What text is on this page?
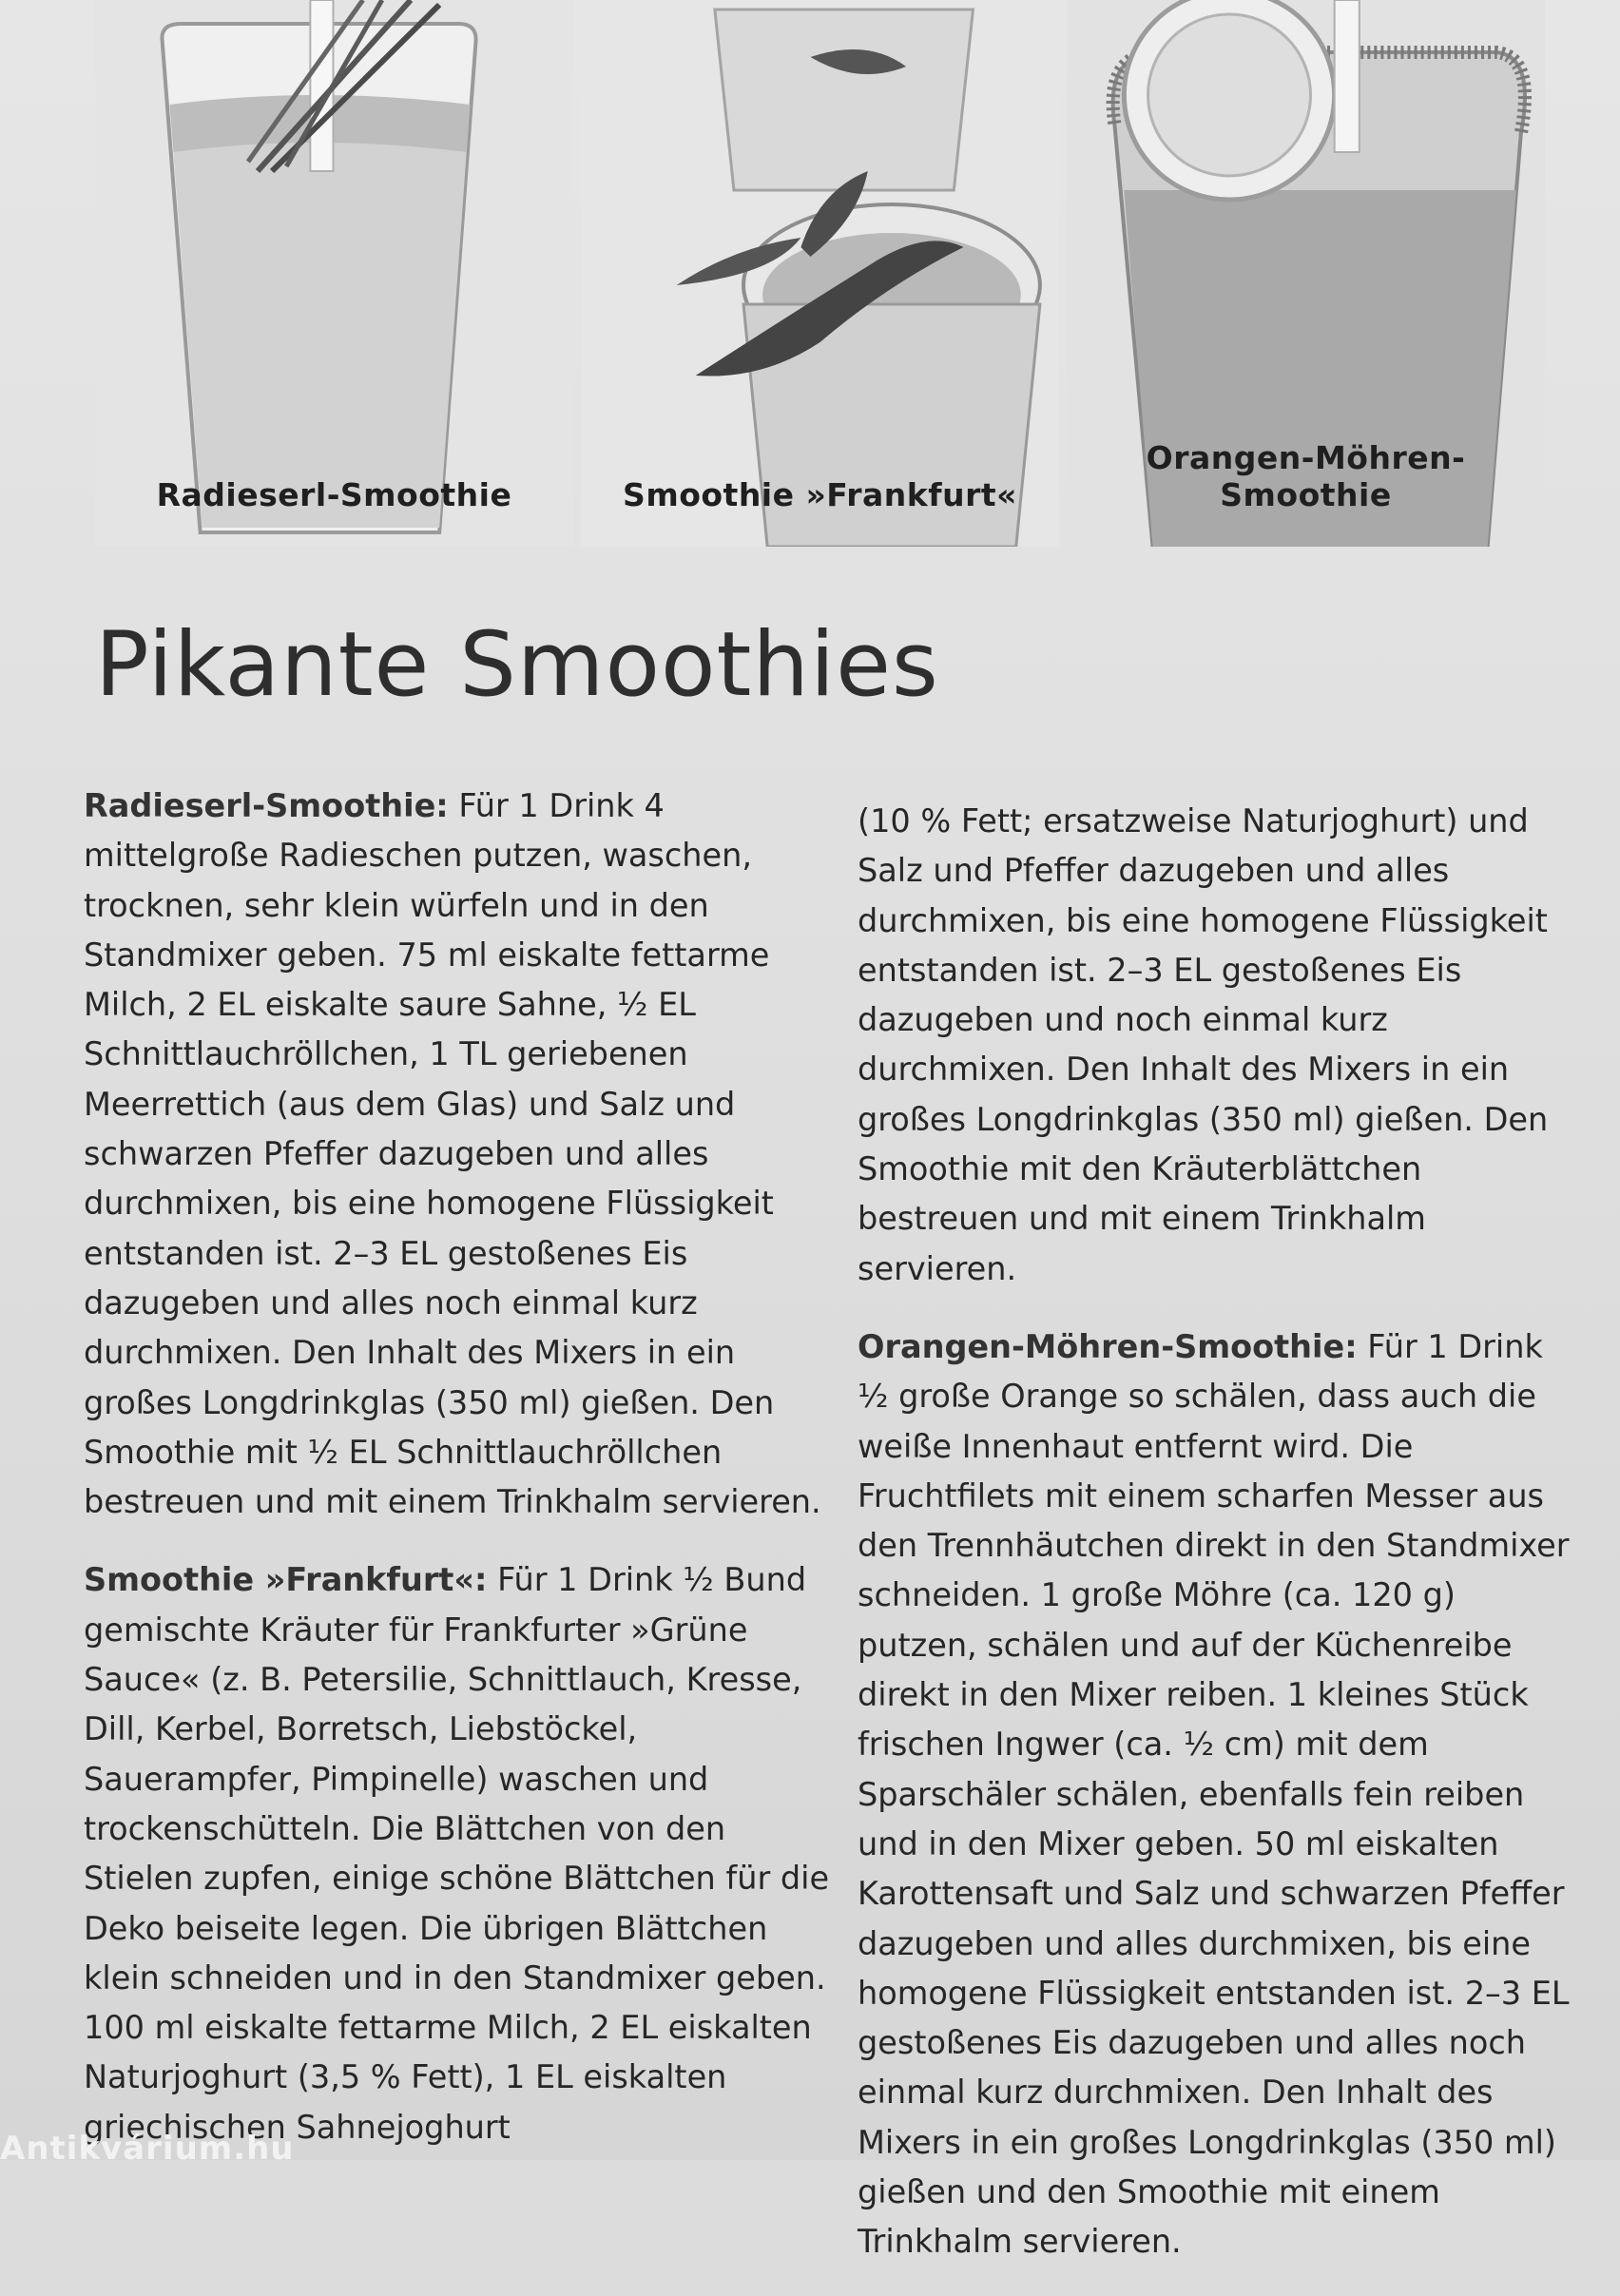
Radieserl-Smoothie	Smoothie »Frankfurt«
Orangen-Möhren-Smoothie
Pikante Smoothies

Radieserl-Smoothie: Für 1 Drink 4 mittelgroße Radieschen putzen, waschen, trocknen, sehr klein würfeln und in den Standmixer geben. 75 ml eiskalte fettarme Milch, 2 EL eiskalte saure Sahne, ½ EL Schnittlauchröllchen, 1 TL geriebenen Meerrettich (aus dem Glas) und Salz und schwarzen Pfeffer dazugeben und alles durchmixen, bis eine homogene Flüssigkeit entstanden ist. 2–3 EL gestoßenes Eis dazugeben und alles noch einmal kurz durchmixen. Den Inhalt des Mixers in ein großes Longdrinkglas (350 ml) gießen. Den Smoothie mit ½ EL Schnittlauchröllchen bestreuen und mit einem Trinkhalm servieren.

Smoothie »Frankfurt«: Für 1 Drink ½ Bund gemischte Kräuter für Frankfurter »Grüne Sauce« (z. B. Petersilie, Schnittlauch, Kresse, Dill, Kerbel, Borretsch, Liebstöckel, Sauerampfer, Pimpinelle) waschen und trockenschütteln. Die Blättchen von den Stielen zupfen, einige schöne Blättchen für die Deko beiseite legen. Die übrigen Blättchen klein schneiden und in den Standmixer geben. 100 ml eiskalte fettarme Milch, 2 EL eiskalten Naturjoghurt (3,5 % Fett), 1 EL eiskalten griechischen Sahnejoghurt

(10 % Fett; ersatzweise Naturjoghurt) und Salz und Pfeffer dazugeben und alles durchmixen, bis eine homogene Flüssigkeit entstanden ist. 2–3 EL gestoßenes Eis dazugeben und noch einmal kurz durchmixen. Den Inhalt des Mixers in ein großes Longdrinkglas (350 ml) gießen. Den Smoothie mit den Kräuterblättchen bestreuen und mit einem Trinkhalm servieren.

Orangen-Möhren-Smoothie: Für 1 Drink ½ große Orange so schälen, dass auch die weiße Innenhaut entfernt wird. Die Fruchtfilets mit einem scharfen Messer aus den Trennhäutchen direkt in den Standmixer schneiden. 1 große Möhre (ca. 120 g) putzen, schälen und auf der Küchenreibe direkt in den Mixer reiben. 1 kleines Stück frischen Ingwer (ca. ½ cm) mit dem Sparschäler schälen, ebenfalls fein reiben und in den Mixer geben. 50 ml eiskalten Karottensaft und Salz und schwarzen Pfeffer dazugeben und alles durchmixen, bis eine homogene Flüssigkeit entstanden ist. 2–3 EL gestoßenes Eis dazugeben und alles noch einmal kurz durchmixen. Den Inhalt des Mixers in ein großes Longdrinkglas (350 ml) gießen und den Smoothie mit einem Trinkhalm servieren.

Antikvárium.hu
